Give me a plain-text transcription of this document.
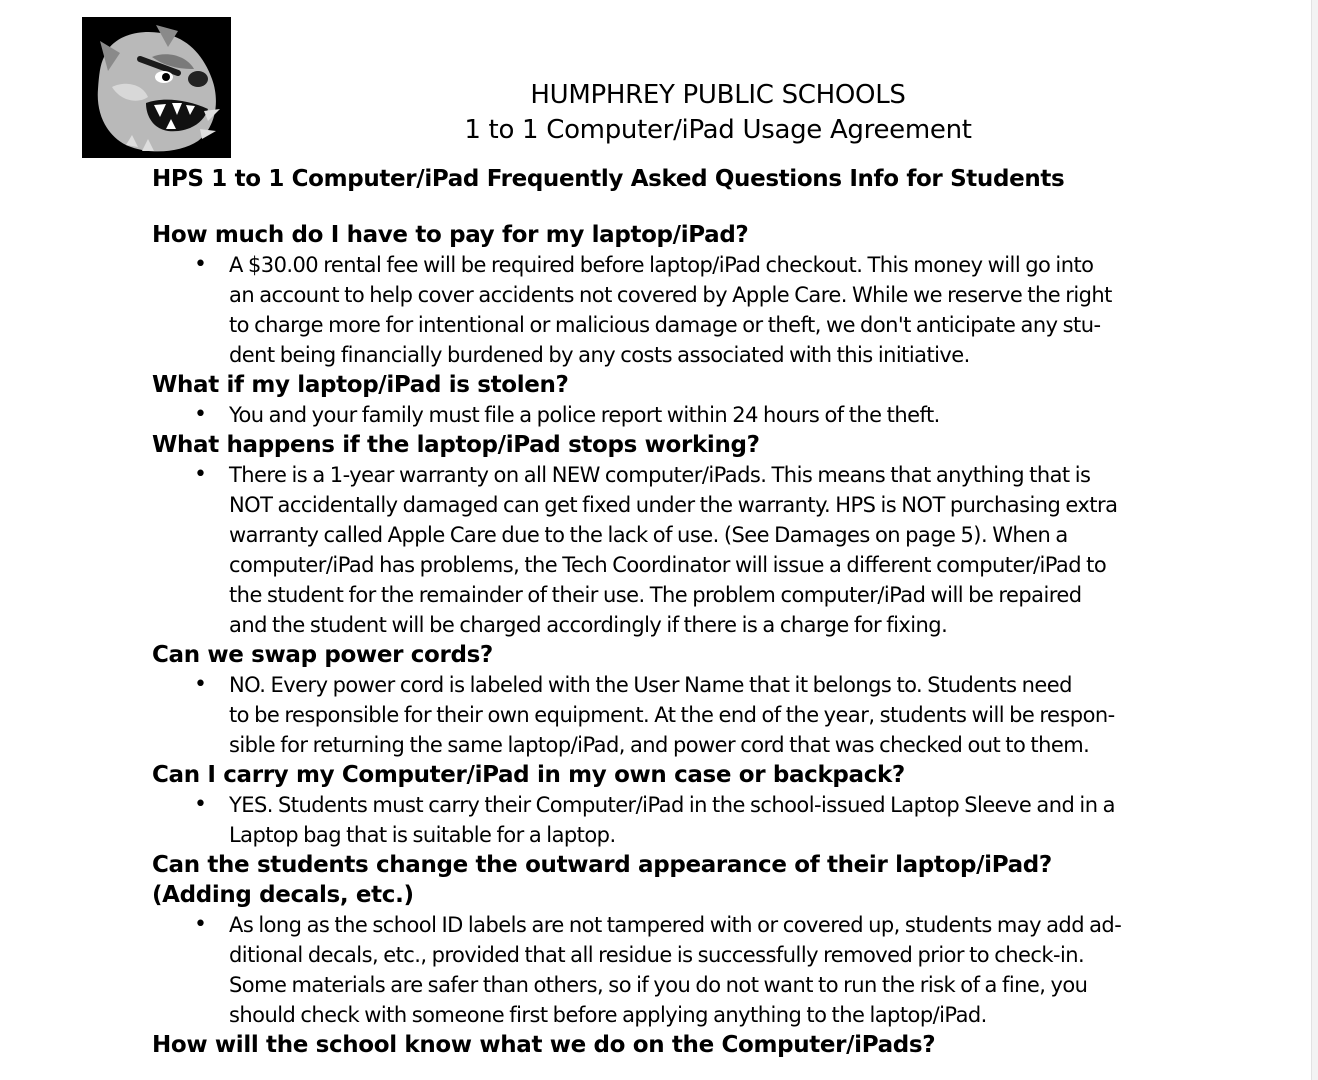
HUMPHREY PUBLIC SCHOOLS
1 to 1 Computer/iPad Usage Agreement
HPS 1 to 1 Computer/iPad Frequently Asked Questions Info for Students
How much do I have to pay for my laptop/iPad?
• A $30.00 rental fee will be required before laptop/iPad checkout. This money will go into
an account to help cover accidents not covered by Apple Care. While we reserve the right
to charge more for intentional or malicious damage or theft, we don't anticipate any stu-
dent being financially burdened by any costs associated with this initiative.
What if my laptop/iPad is stolen?
• You and your family must file a police report within 24 hours of the theft.
What happens if the laptop/iPad stops working?
• There is a 1-year warranty on all NEW computer/iPads. This means that anything that is
NOT accidentally damaged can get fixed under the warranty. HPS is NOT purchasing extra
warranty called Apple Care due to the lack of use. (See Damages on page 5). When a
computer/iPad has problems, the Tech Coordinator will issue a different computer/iPad to
the student for the remainder of their use. The problem computer/iPad will be repaired
and the student will be charged accordingly if there is a charge for fixing.
Can we swap power cords?
• NO. Every power cord is labeled with the User Name that it belongs to. Students need
to be responsible for their own equipment. At the end of the year, students will be respon-
sible for returning the same laptop/iPad, and power cord that was checked out to them.
Can I carry my Computer/iPad in my own case or backpack?
• YES. Students must carry their Computer/iPad in the school-issued Laptop Sleeve and in a
Laptop bag that is suitable for a laptop.
Can the students change the outward appearance of their laptop/iPad?
(Adding decals, etc.)
• As long as the school ID labels are not tampered with or covered up, students may add ad-
ditional decals, etc., provided that all residue is successfully removed prior to check-in.
Some materials are safer than others, so if you do not want to run the risk of a fine, you
should check with someone first before applying anything to the laptop/iPad.
How will the school know what we do on the Computer/iPads?
